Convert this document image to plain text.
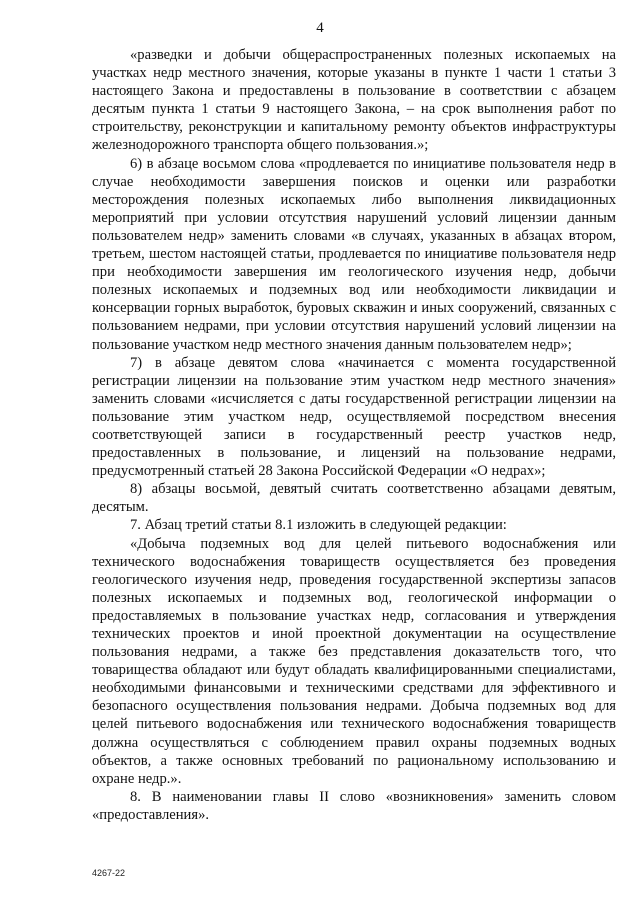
4

«разведки и добычи общераспространенных полезных ископаемых на участках недр местного значения, которые указаны в пункте 1 части 1 статьи 3 настоящего Закона и предоставлены в пользование в соответствии с абзацем десятым пункта 1 статьи 9 настоящего Закона, – на срок выполнения работ по строительству, реконструкции и капитальному ремонту объектов инфраструктуры железнодорожного транспорта общего пользования.»;

6) в абзаце восьмом слова «продлевается по инициативе пользователя недр в случае необходимости завершения поисков и оценки или разработки месторождения полезных ископаемых либо выполнения ликвидационных мероприятий при условии отсутствия нарушений условий лицензии данным пользователем недр» заменить словами «в случаях, указанных в абзацах втором, третьем, шестом настоящей статьи, продлевается по инициативе пользователя недр при необходимости завершения им геологического изучения недр, добычи полезных ископаемых и подземных вод или необходимости ликвидации и консервации горных выработок, буровых скважин и иных сооружений, связанных с пользованием недрами, при условии отсутствия нарушений условий лицензии на пользование участком недр местного значения данным пользователем недр»;

7) в абзаце девятом слова «начинается с момента государственной регистрации лицензии на пользование этим участком недр местного значения» заменить словами «исчисляется с даты государственной регистрации лицензии на пользование этим участком недр, осуществляемой посредством внесения соответствующей записи в государственный реестр участков недр, предоставленных в пользование, и лицензий на пользование недрами, предусмотренный статьей 28 Закона Российской Федерации «О недрах»;

8) абзацы восьмой, девятый считать соответственно абзацами девятым, десятым.

7. Абзац третий статьи 8.1 изложить в следующей редакции:

«Добыча подземных вод для целей питьевого водоснабжения или технического водоснабжения товариществ осуществляется без проведения геологического изучения недр, проведения государственной экспертизы запасов полезных ископаемых и подземных вод, геологической информации о предоставляемых в пользование участках недр, согласования и утверждения технических проектов и иной проектной документации на осуществление пользования недрами, а также без представления доказательств того, что товарищества обладают или будут обладать квалифицированными специалистами, необходимыми финансовыми и техническими средствами для эффективного и безопасного осуществления пользования недрами. Добыча подземных вод для целей питьевого водоснабжения или технического водоснабжения товариществ должна осуществляться с соблюдением правил охраны подземных водных объектов, а также основных требований по рациональному использованию и охране недр.».

8. В наименовании главы II слово «возникновения» заменить словом «предоставления».

4267-22
